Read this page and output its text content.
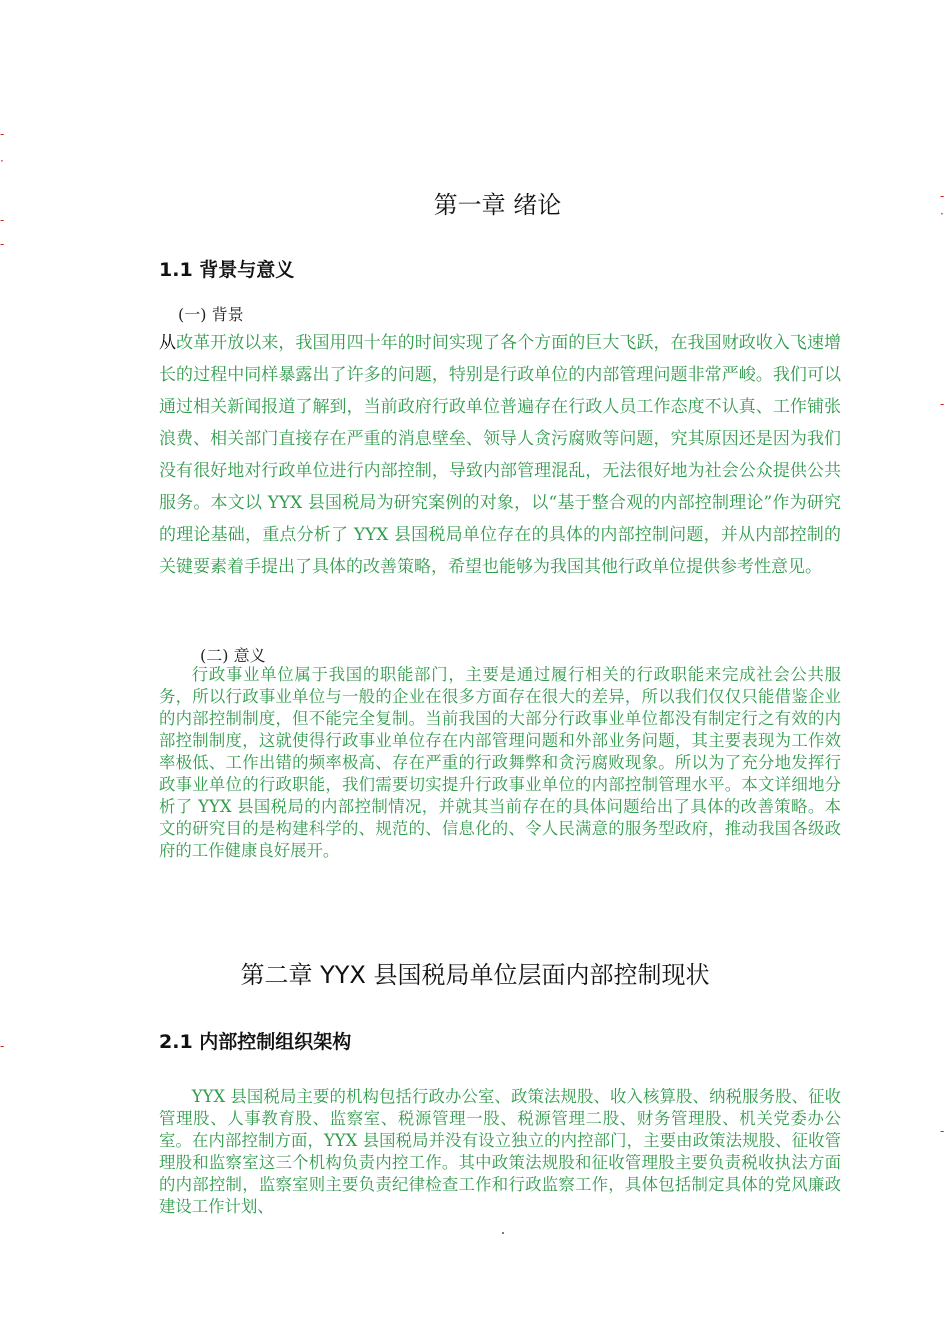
第一章 绪论
1.1 背景与意义

(一) 背景

从改革开放以来，我国用四十年的时间实现了各个方面的巨大飞跃，在我国财政收入飞速增长的过程中同样暴露出了许多的问题，特别是行政单位的内部管理问题非常严峻。我们可以通过相关新闻报道了解到，当前政府行政单位普遍存在行政人员工作态度不认真、工作铺张浪费、相关部门直接存在严重的消息壁垒、领导人贪污腐败等问题，究其原因还是因为我们没有很好地对行政单位进行内部控制，导致内部管理混乱，无法很好地为社会公众提供公共服务。本文以 YYX 县国税局为研究案例的对象，以“基于整合观的内部控制理论”作为研究的理论基础，重点分析了 YYX 县国税局单位存在的具体的内部控制问题，并从内部控制的关键要素着手提出了具体的改善策略，希望也能够为我国其他行政单位提供参考性意见。

(二) 意义

行政事业单位属于我国的职能部门，主要是通过履行相关的行政职能来完成社会公共服务，所以行政事业单位与一般的企业在很多方面存在很大的差异，所以我们仅仅只能借鉴企业的内部控制制度，但不能完全复制。当前我国的大部分行政事业单位都没有制定行之有效的内部控制制度，这就使得行政事业单位存在内部管理问题和外部业务问题，其主要表现为工作效率极低、工作出错的频率极高、存在严重的行政舞弊和贪污腐败现象。所以为了充分地发挥行政事业单位的行政职能，我们需要切实提升行政事业单位的内部控制管理水平。本文详细地分析了 YYX 县国税局的内部控制情况，并就其当前存在的具体问题给出了具体的改善策略。本文的研究目的是构建科学的、规范的、信息化的、令人民满意的服务型政府，推动我国各级政府的工作健康良好展开。

第二章 YYX 县国税局单位层面内部控制现状
2.1 内部控制组织架构

YYX 县国税局主要的机构包括行政办公室、政策法规股、收入核算股、纳税服务股、征收管理股、人事教育股、监察室、税源管理一股、税源管理二股、财务管理股、机关党委办公室。在内部控制方面，YYX 县国税局并没有设立独立的内控部门，主要由政策法规股、征收管理股和监察室这三个机构负责内控工作。其中政策法规股和征收管理股主要负责税收执法方面的内部控制，监察室则主要负责纪律检查工作和行政监察工作，具体包括制定具体的党风廉政建设工作计划、

-
·
-
-
-
-
·
-
-
